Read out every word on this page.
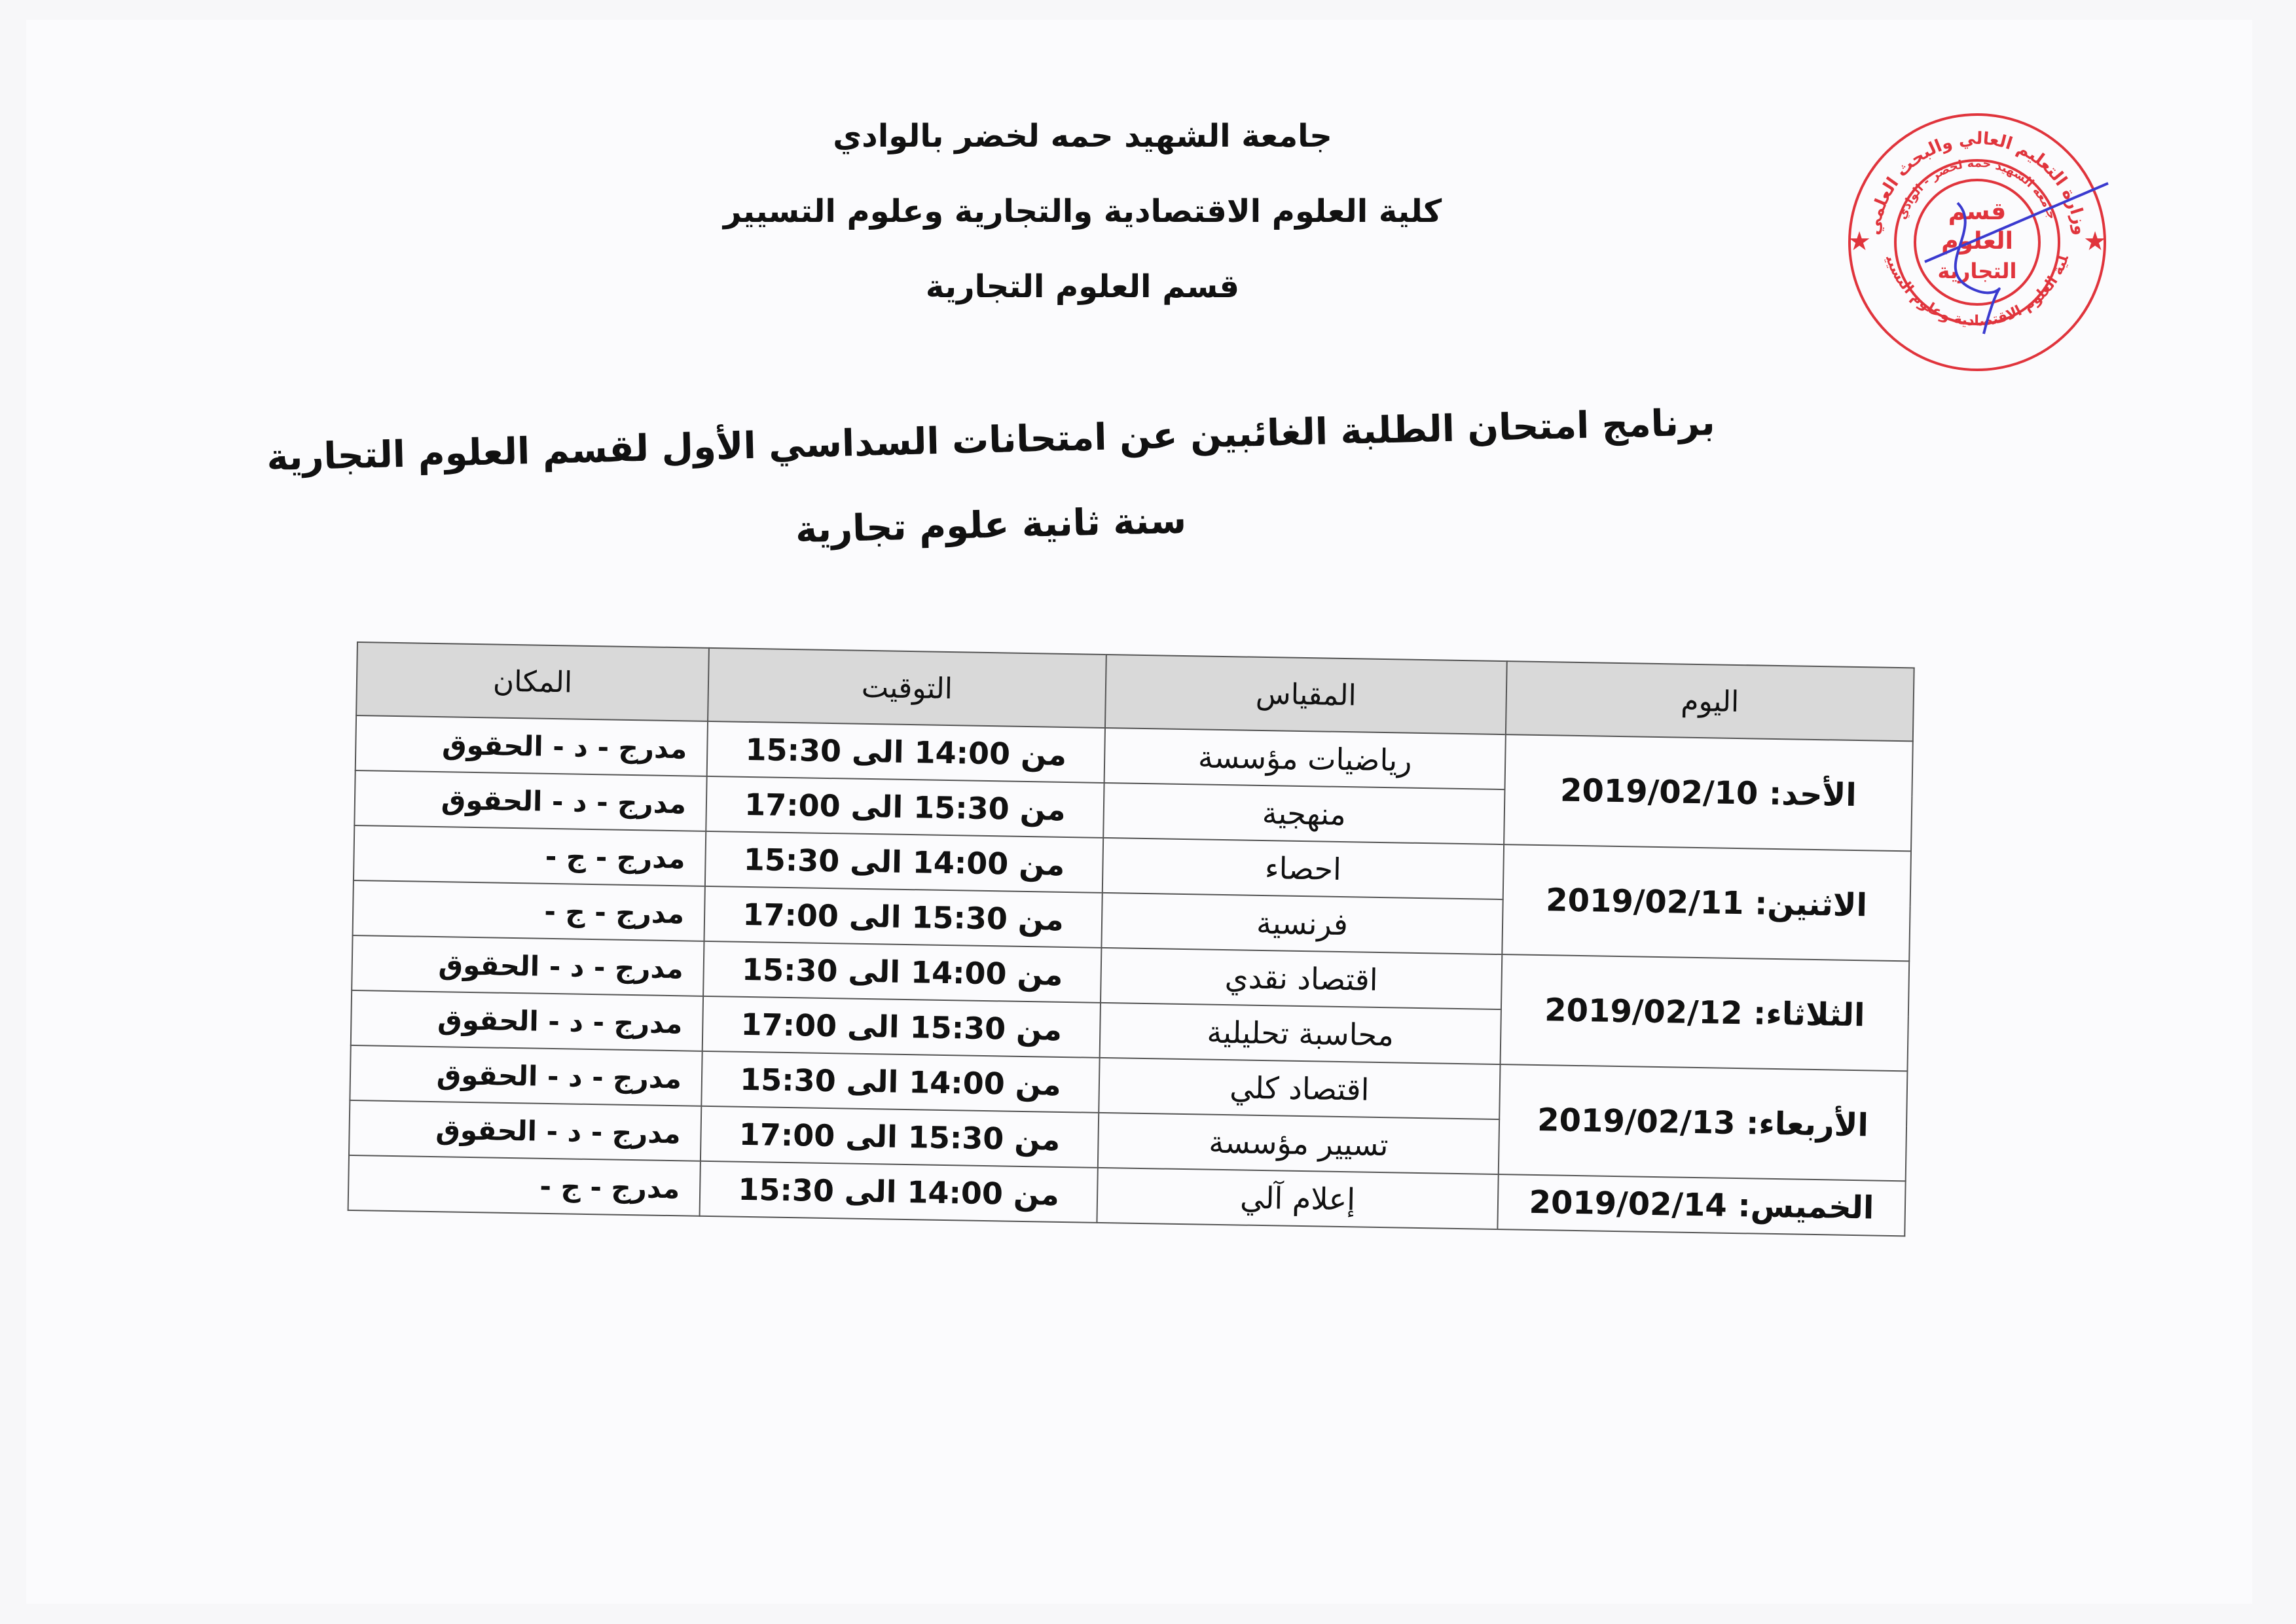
جامعة الشهيد حمه لخضر بالوادي
كلية العلوم الاقتصادية والتجارية وعلوم التسيير
قسم العلوم التجارية
برنامج امتحان الطلبة الغائبين عن امتحانات السداسي الأول لقسم العلوم التجارية
سنة ثانية علوم تجارية
اليوم	المقياس	التوقيت	المكان
الأحد: 2019/02/10	رياضيات مؤسسة	من 14:00 الى 15:30	مدرج - د - الحقوق
	منهجية	من 15:30 الى 17:00	مدرج - د - الحقوق
الاثنين: 2019/02/11	احصاء	من 14:00 الى 15:30	مدرج - ج -
	فرنسية	من 15:30 الى 17:00	مدرج - ج -
الثلاثاء: 2019/02/12	اقتصاد نقدي	من 14:00 الى 15:30	مدرج - د - الحقوق
	محاسبة تحليلية	من 15:30 الى 17:00	مدرج - د - الحقوق
الأربعاء: 2019/02/13	اقتصاد كلي	من 14:00 الى 15:30	مدرج - د - الحقوق
	تسيير مؤسسة	من 15:30 الى 17:00	مدرج - د - الحقوق
الخميس: 2019/02/14	إعلام آلي	من 14:00 الى 15:30	مدرج - ج -
وزارة التعليم العالي والبحث العلمي
جامعة الشهيد حمه لخضر - الوادي
لية العلوم الاقتصادية وعلوم التسيي
قسم
العلوم
التجارية
★	★
